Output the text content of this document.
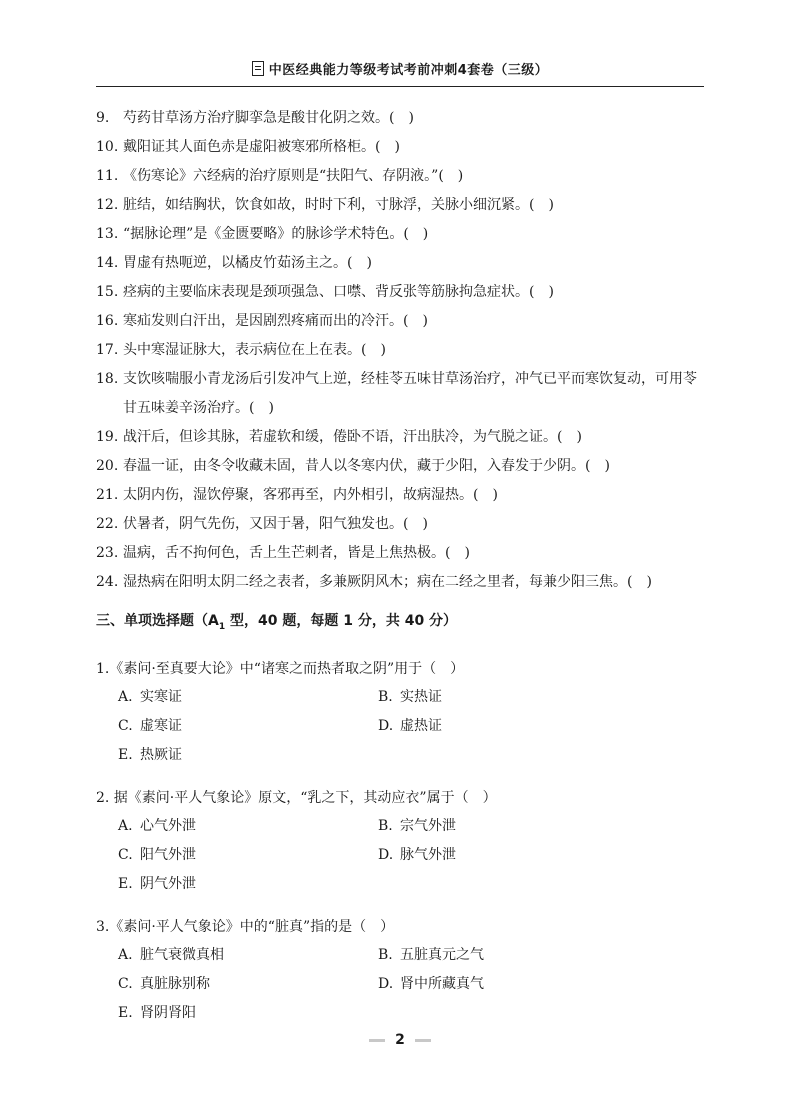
中医经典能力等级考试考前冲刺4套卷（三级）
9. 芍药甘草汤方治疗脚挛急是酸甘化阴之效。(　)
10. 戴阳证其人面色赤是虚阳被寒邪所格柜。(　)
11. 《伤寒论》六经病的治疗原则是“扶阳气、存阴液。”(　)
12. 脏结，如结胸状，饮食如故，时时下利，寸脉浮，关脉小细沉紧。(　)
13. “据脉论理”是《金匮要略》的脉诊学术特色。(　)
14. 胃虚有热呃逆，以橘皮竹茹汤主之。(　)
15. 痉病的主要临床表现是颈项强急、口噤、背反张等筋脉拘急症状。(　)
16. 寒疝发则白汗出，是因剧烈疼痛而出的冷汗。(　)
17. 头中寒湿证脉大，表示病位在上在表。(　)
18. 支饮咳喘服小青龙汤后引发冲气上逆，经桂苓五味甘草汤治疗，冲气已平而寒饮复动，可用苓甘五味姜辛汤治疗。(　)
19. 战汗后，但诊其脉，若虚软和缓，倦卧不语，汗出肤冷，为气脱之证。(　)
20. 春温一证，由冬令收藏未固，昔人以冬寒内伏，藏于少阳，入春发于少阴。(　)
21. 太阴内伤，湿饮停聚，客邪再至，内外相引，故病湿热。(　)
22. 伏暑者，阴气先伤，又因于暑，阳气独发也。(　)
23. 温病，舌不拘何色，舌上生芒刺者，皆是上焦热极。(　)
24. 湿热病在阳明太阴二经之表者，多兼厥阴风木；病在二经之里者，每兼少阳三焦。(　)
三、单项选择题（$A_1$ 型，40 题，每题 1 分，共 40 分）
1.《素问·至真要大论》中“诸寒之而热者取之阴”用于（　）
A. 实寒证	B. 实热证
C. 虚寒证	D. 虚热证
E. 热厥证
2. 据《素问·平人气象论》原文，“乳之下，其动应衣”属于（　）
A. 心气外泄	B. 宗气外泄
C. 阳气外泄	D. 脉气外泄
E. 阴气外泄
3.《素问·平人气象论》中的“脏真”指的是（　）
A. 脏气衰微真相	B. 五脏真元之气
C. 真脏脉别称	D. 肾中所藏真气
E. 肾阴肾阳
2
